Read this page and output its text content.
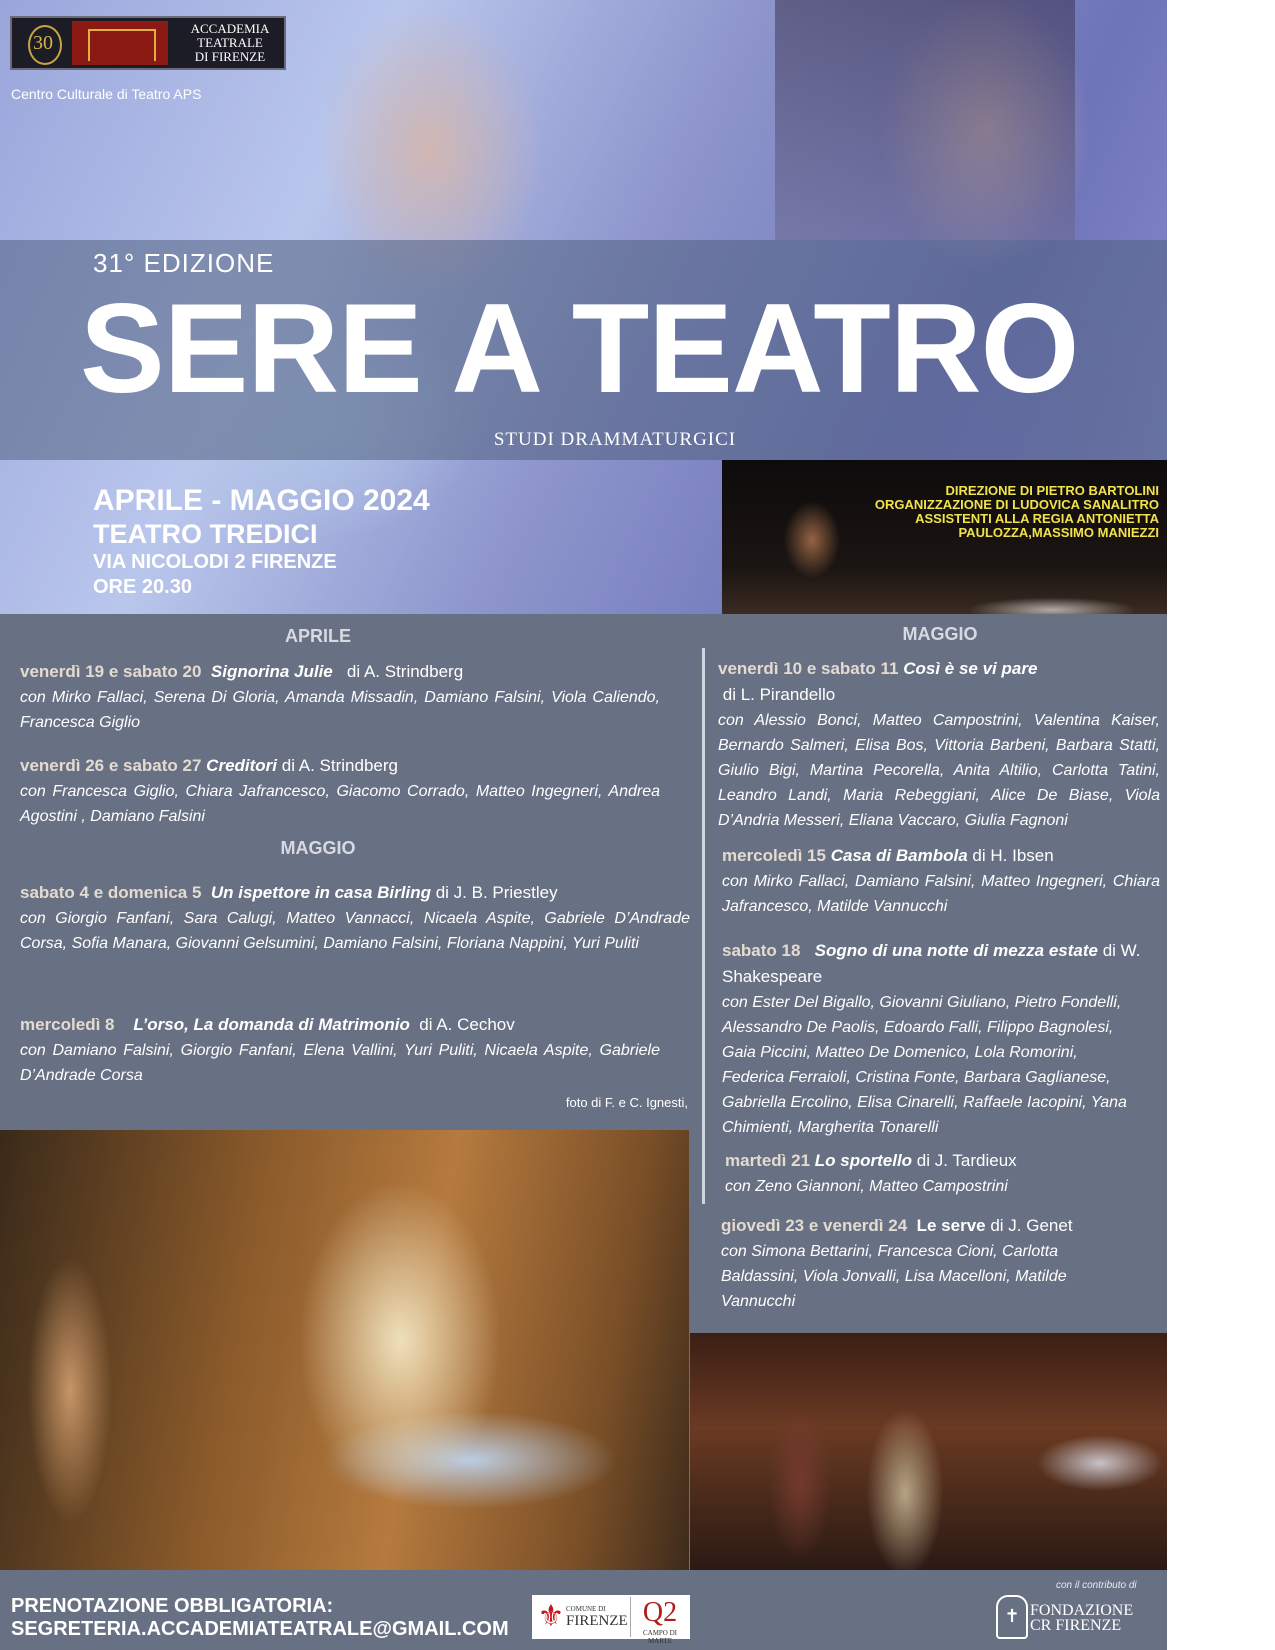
30
ACCADEMIA
TEATRALE
DI FIRENZE
Centro Culturale di Teatro APS
31° EDIZIONE
SERE A TEATRO
STUDI DRAMMATURGICI
APRILE - MAGGIO 2024
TEATRO TREDICI
VIA NICOLODI 2 FIRENZE
ORE 20.30
DIREZIONE DI PIETRO BARTOLINI
ORGANIZZAZIONE DI LUDOVICA SANALITRO
ASSISTENTI ALLA REGIA ANTONIETTA
PAULOZZA,MASSIMO MANIEZZI
APRILE
venerdì 19 e sabato 20 Signorina Julie di A. Strindberg
con Mirko Fallaci, Serena Di Gloria, Amanda Missadin, Damiano Falsini, Viola Caliendo, Francesca Giglio
venerdì 26 e sabato 27 Creditori di A. Strindberg
con Francesca Giglio, Chiara Jafrancesco, Giacomo Corrado, Matteo Ingegneri, Andrea Agostini , Damiano Falsini
MAGGIO
sabato 4 e domenica 5 Un ispettore in casa Birling di J. B. Priestley
con Giorgio Fanfani, Sara Calugi, Matteo Vannacci, Nicaela Aspite, Gabriele D’Andrade Corsa, Sofia Manara, Giovanni Gelsumini, Damiano Falsini, Floriana Nappini, Yuri Puliti
mercoledì 8 L’orso, La domanda di Matrimonio di A. Cechov
con Damiano Falsini, Giorgio Fanfani, Elena Vallini, Yuri Puliti, Nicaela Aspite, Gabriele D’Andrade Corsa
foto di F. e C. Ignesti,
MAGGIO
venerdì 10 e sabato 11 Così è se vi pare
di L. Pirandello
con Alessio Bonci, Matteo Campostrini, Valentina Kaiser, Bernardo Salmeri, Elisa Bos, Vittoria Barbeni, Barbara Statti, Giulio Bigi, Martina Pecorella, Anita Altilio, Carlotta Tatini, Leandro Landi, Maria Rebeggiani, Alice De Biase, Viola D’Andria Messeri, Eliana Vaccaro, Giulia Fagnoni
mercoledì 15 Casa di Bambola di H. Ibsen
con Mirko Fallaci, Damiano Falsini, Matteo Ingegneri, Chiara Jafrancesco, Matilde Vannucchi
sabato 18 Sogno di una notte di mezza estate di W. Shakespeare
con Ester Del Bigallo, Giovanni Giuliano, Pietro Fondelli, Alessandro De Paolis, Edoardo Falli, Filippo Bagnolesi, Gaia Piccini, Matteo De Domenico, Lola Romorini, Federica Ferraioli, Cristina Fonte, Barbara Gaglianese, Gabriella Ercolino, Elisa Cinarelli, Raffaele Iacopini, Yana Chimienti, Margherita Tonarelli
martedì 21 Lo sportello di J. Tardieux
con Zeno Giannoni, Matteo Campostrini
giovedì 23 e venerdì 24 Le serve di J. Genet
con Simona Bettarini, Francesca Cioni, Carlotta Baldassini, Viola Jonvalli, Lisa Macelloni, Matilde Vannucchi
PRENOTAZIONE OBBLIGATORIA:
SEGRETERIA.ACCADEMIATEATRALE@GMAIL.COM ⚜ COMUNE DI
FIRENZE Q2
CAMPO DI MARTE
con il contributo di
✝ FONDAZIONE
CR FIRENZE
